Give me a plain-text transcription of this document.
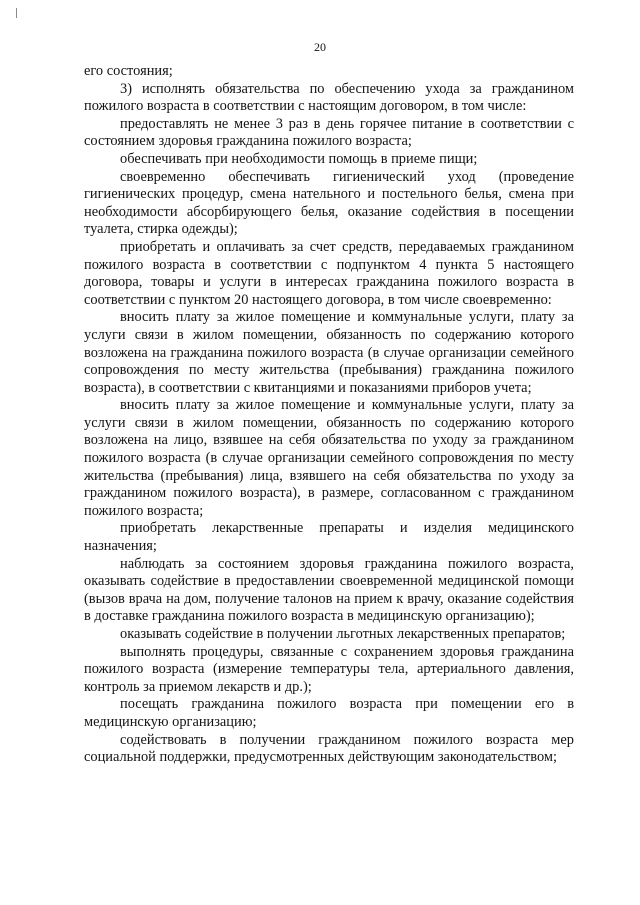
20

его состояния;

3) исполнять обязательства по обеспечению ухода за гражданином пожилого возраста в соответствии с настоящим договором, в том числе:

предоставлять не менее 3 раз в день горячее питание в соответствии с состоянием здоровья гражданина пожилого возраста;

обеспечивать при необходимости помощь в приеме пищи;

своевременно обеспечивать гигиенический уход (проведение гигиенических процедур, смена нательного и постельного белья, смена при необходимости абсорбирующего белья, оказание содействия в посещении туалета, стирка одежды);

приобретать и оплачивать за счет средств, передаваемых гражданином пожилого возраста в соответствии с подпунктом 4 пункта 5 настоящего договора, товары и услуги в интересах гражданина пожилого возраста в соответствии с пунктом 20 настоящего договора, в том числе своевременно:

вносить плату за жилое помещение и коммунальные услуги, плату за услуги связи в жилом помещении, обязанность по содержанию которого возложена на гражданина пожилого возраста (в случае организации семейного сопровождения по месту жительства (пребывания) гражданина пожилого возраста), в соответствии с квитанциями и показаниями приборов учета;

вносить плату за жилое помещение и коммунальные услуги, плату за услуги связи в жилом помещении, обязанность по содержанию которого возложена на лицо, взявшее на себя обязательства по уходу за гражданином пожилого возраста (в случае организации семейного сопровождения по месту жительства (пребывания) лица, взявшего на себя обязательства по уходу за гражданином пожилого возраста), в размере, согласованном с гражданином пожилого возраста;

приобретать лекарственные препараты и изделия медицинского назначения;

наблюдать за состоянием здоровья гражданина пожилого возраста, оказывать содействие в предоставлении своевременной медицинской помощи (вызов врача на дом, получение талонов на прием к врачу, оказание содействия в доставке гражданина пожилого возраста в медицинскую организацию);

оказывать содействие в получении льготных лекарственных препаратов;

выполнять процедуры, связанные с сохранением здоровья гражданина пожилого возраста (измерение температуры тела, артериального давления, контроль за приемом лекарств и др.);

посещать гражданина пожилого возраста при помещении его в медицинскую организацию;

содействовать в получении гражданином пожилого возраста мер социальной поддержки, предусмотренных действующим законодательством;
